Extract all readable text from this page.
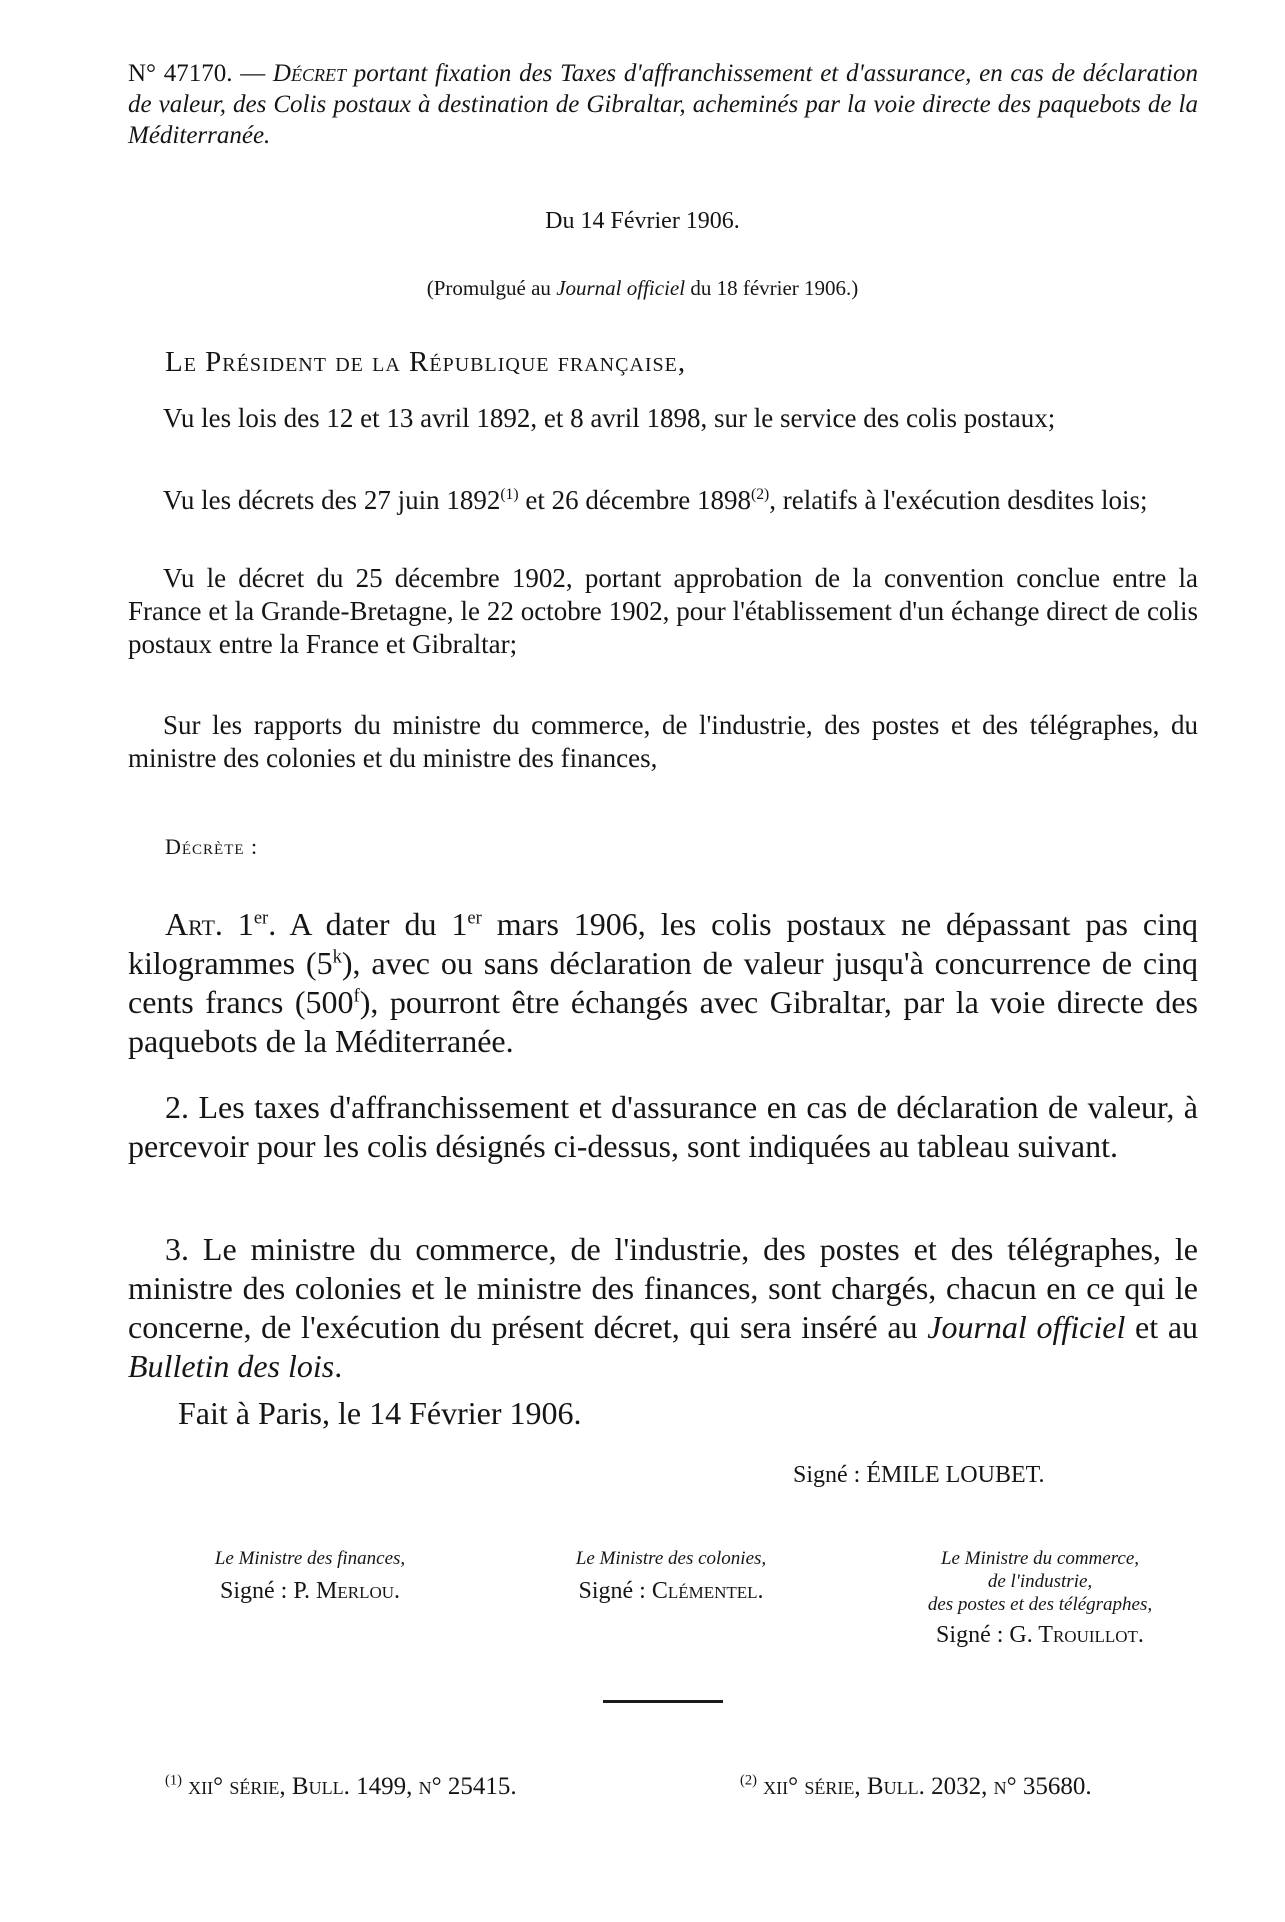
N° 47170. — Décret portant fixation des Taxes d'affranchissement et d'assurance, en cas de déclaration de valeur, des Colis postaux à destination de Gibraltar, acheminés par la voie directe des paquebots de la Méditerranée.
Du 14 Février 1906.
(Promulgué au Journal officiel du 18 février 1906.)
Le Président de la République française,
Vu les lois des 12 et 13 avril 1892, et 8 avril 1898, sur le service des colis postaux;
Vu les décrets des 27 juin 1892$^{(1)}$ et 26 décembre 1898$^{(2)}$, relatifs à l'exécution desdites lois;
Vu le décret du 25 décembre 1902, portant approbation de la convention conclue entre la France et la Grande-Bretagne, le 22 octobre 1902, pour l'établissement d'un échange direct de colis postaux entre la France et Gibraltar;
Sur les rapports du ministre du commerce, de l'industrie, des postes et des télégraphes, du ministre des colonies et du ministre des finances,
Décrète :
Art. 1er. A dater du 1er mars 1906, les colis postaux ne dépassant pas cinq kilogrammes (5$^k$), avec ou sans déclaration de valeur jusqu'à concurrence de cinq cents francs (500$^f$), pourront être échangés avec Gibraltar, par la voie directe des paquebots de la Méditerranée.
2. Les taxes d'affranchissement et d'assurance en cas de déclaration de valeur, à percevoir pour les colis désignés ci-dessus, sont indiquées au tableau suivant.
3. Le ministre du commerce, de l'industrie, des postes et des télégraphes, le ministre des colonies et le ministre des finances, sont chargés, chacun en ce qui le concerne, de l'exécution du présent décret, qui sera inséré au Journal officiel et au Bulletin des lois.
Fait à Paris, le 14 Février 1906.
Signé : ÉMILE LOUBET.
Le Ministre des finances,
Signé : P. Merlou.
Le Ministre des colonies,
Signé : Clémentel.
Le Ministre du commerce,
de l'industrie,
des postes et des télégraphes,
Signé : G. Trouillot.
$^{(1)}$ xii° série, Bull. 1499, n° 25415.	$^{(2)}$ xii° série, Bull. 2032, n° 35680.
